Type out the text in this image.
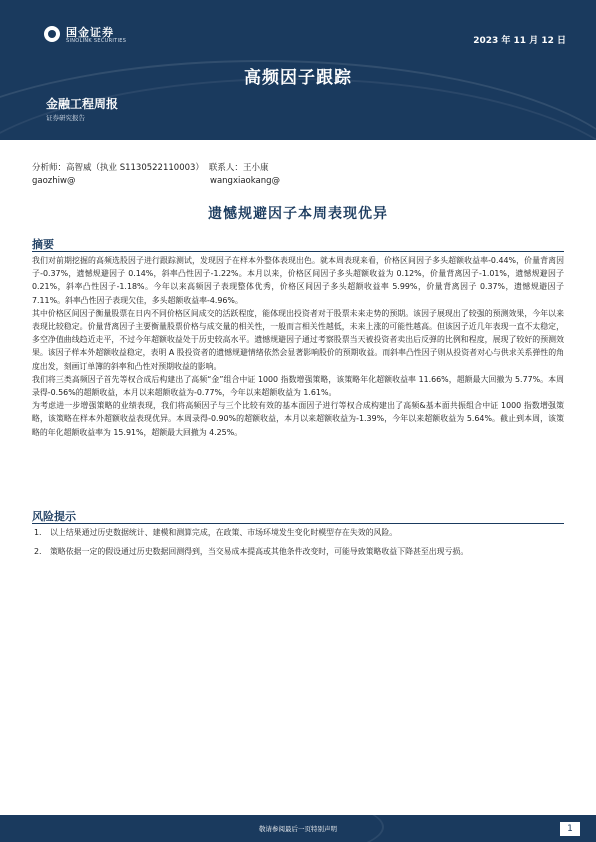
国金证券
SINOLINK SECURITIES	2023 年 11 月 12 日
高频因子跟踪
金融工程周报
证券研究报告
分析师：高智威（执业 S1130522110003） 联系人：王小康
gaozhiw@	wangxiaokang@
遗憾规避因子本周表现优异
摘要

我们对前期挖掘的高频选股因子进行跟踪测试，发现因子在样本外整体表现出色。就本周表现来看，价格区间因子多头超额收益率-0.44%，价量背离因子-0.37%，遗憾规避因子 0.14%，斜率凸性因子-1.22%。本月以来，价格区间因子多头超额收益为 0.12%，价量背离因子-1.01%，遗憾规避因子 0.21%，斜率凸性因子-1.18%。今年以来高频因子表现整体优秀，价格区间因子多头超额收益率 5.99%，价量背离因子 0.37%，遗憾规避因子 7.11%。斜率凸性因子表现欠佳，多头超额收益率-4.96%。

其中价格区间因子衡量股票在日内不同价格区间成交的活跃程度，能体现出投资者对于股票未来走势的预期。该因子展现出了较强的预测效果，今年以来表现比较稳定。价量背离因子主要衡量股票价格与成交量的相关性，一般而言相关性越低，未来上涨的可能性越高。但该因子近几年表现一直不太稳定，多空净值曲线趋近走平，不过今年超额收益处于历史较高水平。遗憾规避因子通过考察股票当天被投资者卖出后反弹的比例和程度，展现了较好的预测效果。该因子样本外超额收益稳定，表明 A 股投资者的遗憾规避情绪依然会显著影响股价的预期收益。而斜率凸性因子则从投资者对心与供求关系弹性的角度出发，刻画订单簿的斜率和凸性对预期收益的影响。

我们将三类高频因子首先等权合成后构建出了高频“金”组合中证 1000 指数增强策略，该策略年化超额收益率 11.66%，超额最大回撤为 5.77%。本周录得-0.56%的超额收益，本月以来超额收益为-0.77%，今年以来超额收益为 1.61%。

为考虑进一步增强策略的业绩表现，我们将高频因子与三个比较有效的基本面因子进行等权合成构建出了高频&基本面共振组合中证 1000 指数增强策略，该策略在样本外超额收益表现优异。本周录得-0.90%的超额收益，本月以来超额收益为-1.39%，今年以来超额收益为 5.64%。截止到本周，该策略的年化超额收益率为 15.91%，超额最大回撤为 4.25%。

风险提示
1. 以上结果通过历史数据统计、建模和测算完成，在政策、市场环境发生变化时模型存在失效的风险。
2. 策略依据一定的假设通过历史数据回测得到，当交易成本提高或其他条件改变时，可能导致策略收益下降甚至出现亏损。
敬请参阅最后一页特别声明	1
